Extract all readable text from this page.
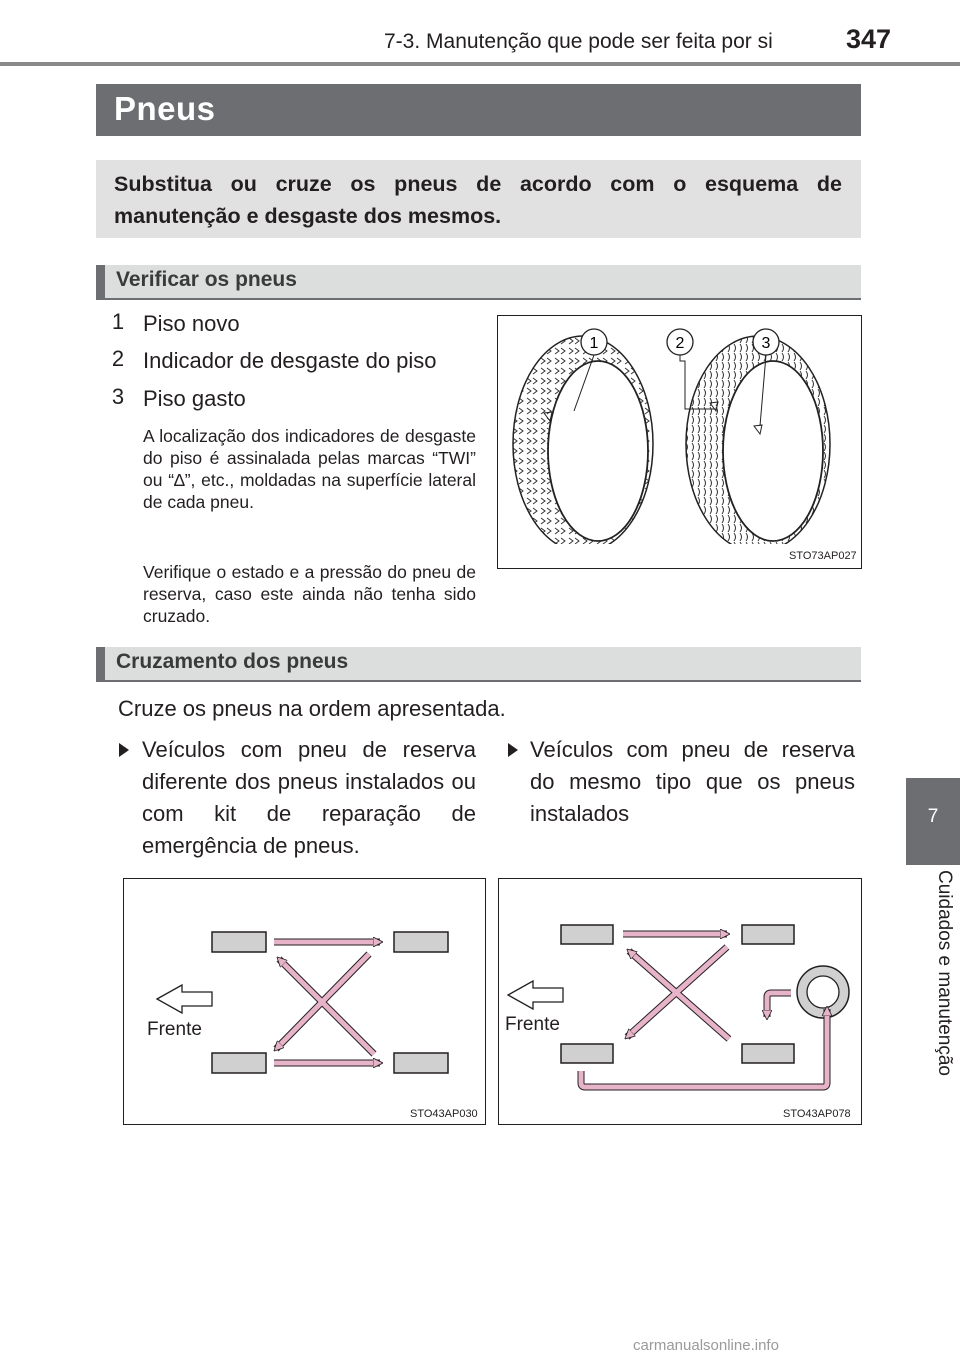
7-3. Manutenção que pode ser feita por si	347
Pneus
Substitua ou cruze os pneus de acordo com o esquema de manutenção e desgaste dos mesmos.
Verificar os pneus
1 Piso novo
2 Indicador de desgaste do piso
3 Piso gasto
A localização dos indicadores de desgaste do piso é assinalada pelas marcas “TWI” ou “∆”, etc., moldadas na superfície lateral de cada pneu.
Verifique o estado e a pressão do pneu de reserva, caso este ainda não tenha sido cruzado.
1	2	3
STO73AP027
Cruzamento dos pneus
Cruze os pneus na ordem apresentada.
Veículos com pneu de reserva diferente dos pneus instalados ou com kit de reparação de emergência de pneus.
Veículos com pneu de reserva do mesmo tipo que os pneus instalados
Frente
STO43AP030
Frente
STO43AP078
7
Cuidados e manutenção
carmanualsonline.info
